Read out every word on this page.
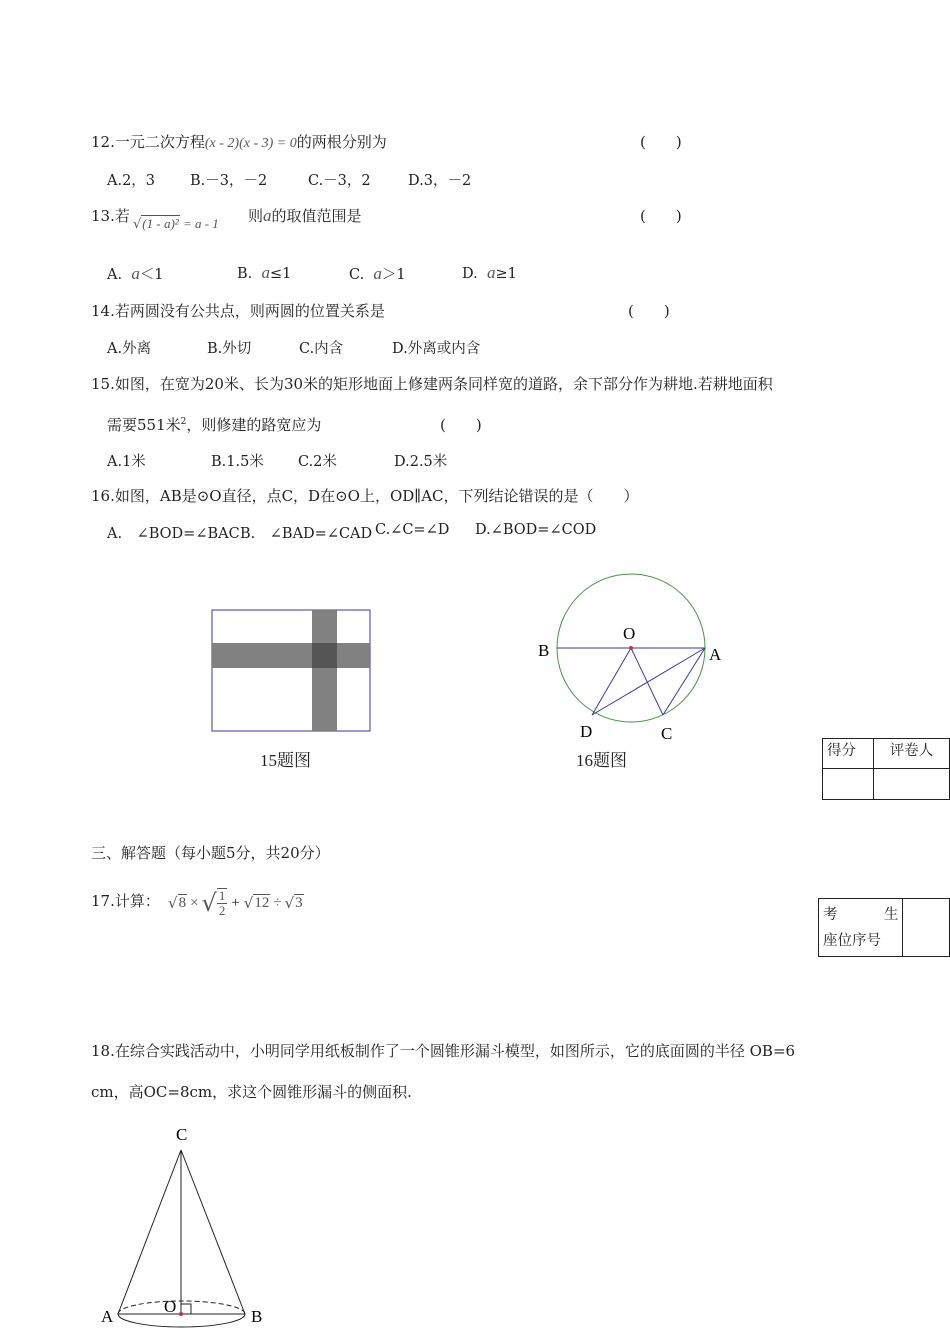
12.一元二次方程(x - 2)(x - 3) = 0的两根分别为	(　　)
A.2，3 B.－3，－2	C.－3，2	D.3，－2
13.若 √(1 - a)² = a - 1 则a的取值范围是	(　　)
A. a＜1	B. a≤1	C. a＞1	D. a≥1
14.若两圆没有公共点，则两圆的位置关系是	(　　)
A.外离	B.外切	C.内含	D.外离或内含
15.如图，在宽为20米、长为30米的矩形地面上修建两条同样宽的道路，余下部分作为耕地.若耕地面积
需要551米$^2$，则修建的路宽应为	(　　)
A.1米	B.1.5米 C.2米	D.2.5米
16.如图，AB是⊙O直径，点C，D在⊙O上，OD∥AC，下列结论错误的是（　　）
A.　∠BOD=∠BAC B.　∠BAD=∠CAD C.∠C=∠D D.∠BOD=∠COD
15题图
O
B	A
D	C
16题图	得分	评卷人

三、解答题（每小题5分，共20分）
17.计算： √ 8 × √ $\frac{1}{2}$ + √ 12 ÷ √ 3
考	生
座位序号

18.在综合实践活动中，小明同学用纸板制作了一个圆锥形漏斗模型，如图所示，它的底面圆的半径 OB=6
cm，高OC=8cm，求这个圆锥形漏斗的侧面积.
C
O
A	B
